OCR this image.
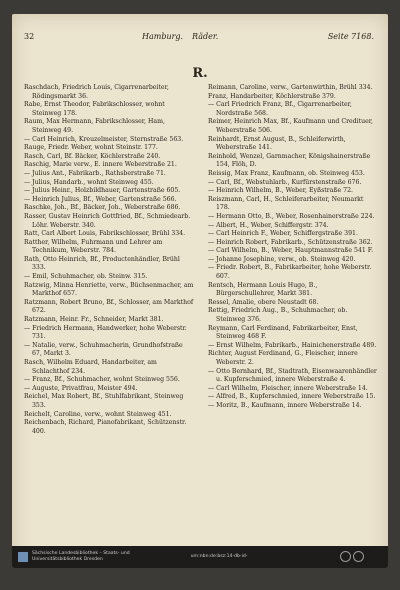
32	Hamburg. Räder.	Seite 7168.
R.

Raschdach, Friedrich Louis, Cigarrenarbeiter, Rödingsmarkt 36.

Rabe, Ernst Theodor, Fabrikschlosser, wohnt Steinweg 178.

Raum, Max Hermann, Fabrikschlosser, Ham, Steinweg 49.

— Carl Heinrich, Kreuzelmeister, Sternstraße 563.

Rauge, Friedr. Weber, wohnt Steinstr. 177.

Rasch, Carl, Bf. Bäcker, Köchlerstraße 240.

Raschig, Marie verw., E. innere Weberstraße 21.

— Julius Ant., Fabrikarb., Rathsberstraße 71.

— Julius, Handarb., wohnt Steinweg 455.

— Julius Heinr., Holzbildhauer, Gartenstraße 605.

— Heinrich Julius, Bf., Weber, Gartenstraße 566.

Raschke, Joh., Bf., Bäcker, Joh., Weberstraße 686.

Rasser, Gustav Heinrich Gottfried, Bf., Schmiedearb. Löhr. Weberstr. 340.

Ratt, Carl Albert Louis, Fabrikschlosser, Brühl 334.

Ratther, Wilhelm, Fuhrmann und Lehrer am Technikum, Weberstr. 784.

Rath, Otto Heinrich, Bf., Productenhändler, Brühl 333.

— Emil, Schuhmacher, ob. Steinw. 315.

Ratzwig, Minna Henriette, verw., Büchsenmacher, am Markthof 657.

Ratzmann, Robert Bruno, Bf., Schlosser, am Markthof 672.

Ratzmann, Heinr. Fr., Schneider, Markt 381.

— Friedrich Hermann, Handwerker, hohe Weberstr. 731.

— Natalie, verw., Schuhmacherin, Grundhofstraße 67, Markt 3.

Rasch, Wilhelm Eduard, Handarbeiter, am Schlachthof 234.

— Franz, Bf., Schuhmacher, wohnt Steinweg 556.

— Auguste, Privatfrau, Meister 494.

Reichel, Max Robert, Bf., Stuhlfabrikant, Steinweg 353.

Reichelt, Caroline, verw., wohnt Steinweg 451.

Reichenbach, Richard, Pianofabrikant, Schützenstr. 400.

Reimann, Caroline, verw., Gartenwirthin, Brühl 334.

Franz, Handarbeiter, Köchlerstraße 379.

— Carl Friedrich Franz, Bf., Cigarrenarbeiter, Nordstraße 568.

Reimer, Heinrich Max, Bf., Kaufmann und Credituer, Weberstraße 506.

Reinhardt, Ernst August, B., Schleiferwirth, Weberstraße 141.

Reinhold, Wenzel, Garnmacher, Königshainerstraße 154, Flöh, D.

Reissig, Max Franz, Kaufmann, ob. Steinweg 453.

— Carl, Bf., Webstuhlarb., Kurfürstenstraße 676.

— Heinrich Wilhelm, B., Weber, Eyßstraße 72.

Reiszmann, Carl, H., Schleiferarbeiter, Neumarkt 178.

— Hermann Otto, B., Weber, Rosenhainerstraße 224.

— Albert, H., Weber, Schiffergstr. 374.

— Carl Heinrich F., Weber, Schiffergstraße 391.

— Heinrich Robert, Fabrikarb., Schützenstraße 362.

— Carl Wilhelm, B., Weber, Hauptmannstraße 541 F.

— Johanne Josephine, verw., ob. Steinweg 420.

— Friedr. Robert, B., Fabrikarbeiter, hohe Weberstr. 607.

Rentsch, Hermann Louis Hugo, B., Bürgerschullehrer, Markt 381.

Ressel, Amalie, obere Neustadt 68.

Rettig, Friedrich Aug., B., Schuhmacher, ob. Steinweg 376.

Reymann, Carl Ferdinand, Fabrikarbeiter, Enst, Steinweg 468 F.

— Ernst Wilhelm, Fabrikarb., Hainichenerstraße 489.

Richter, August Ferdinand, G., Fleischer, innere Weberstr. 2.

— Otto Bernhard, Bf., Stadtrath, Eisenwaarenhändler u. Kupferschmied, innere Weberstraße 4.

— Carl Wilhelm, Fleischer, innere Weberstraße 14.

— Alfred, B., Kupferschmied, innere Weberstraße 15.

— Moritz, B., Kaufmann, innere Weberstraße 14.

Sächsische Landesbibliothek – Staats- und Universitätsbibliothek Dresden
urn:nbn:de:bsz:14-db-id-
